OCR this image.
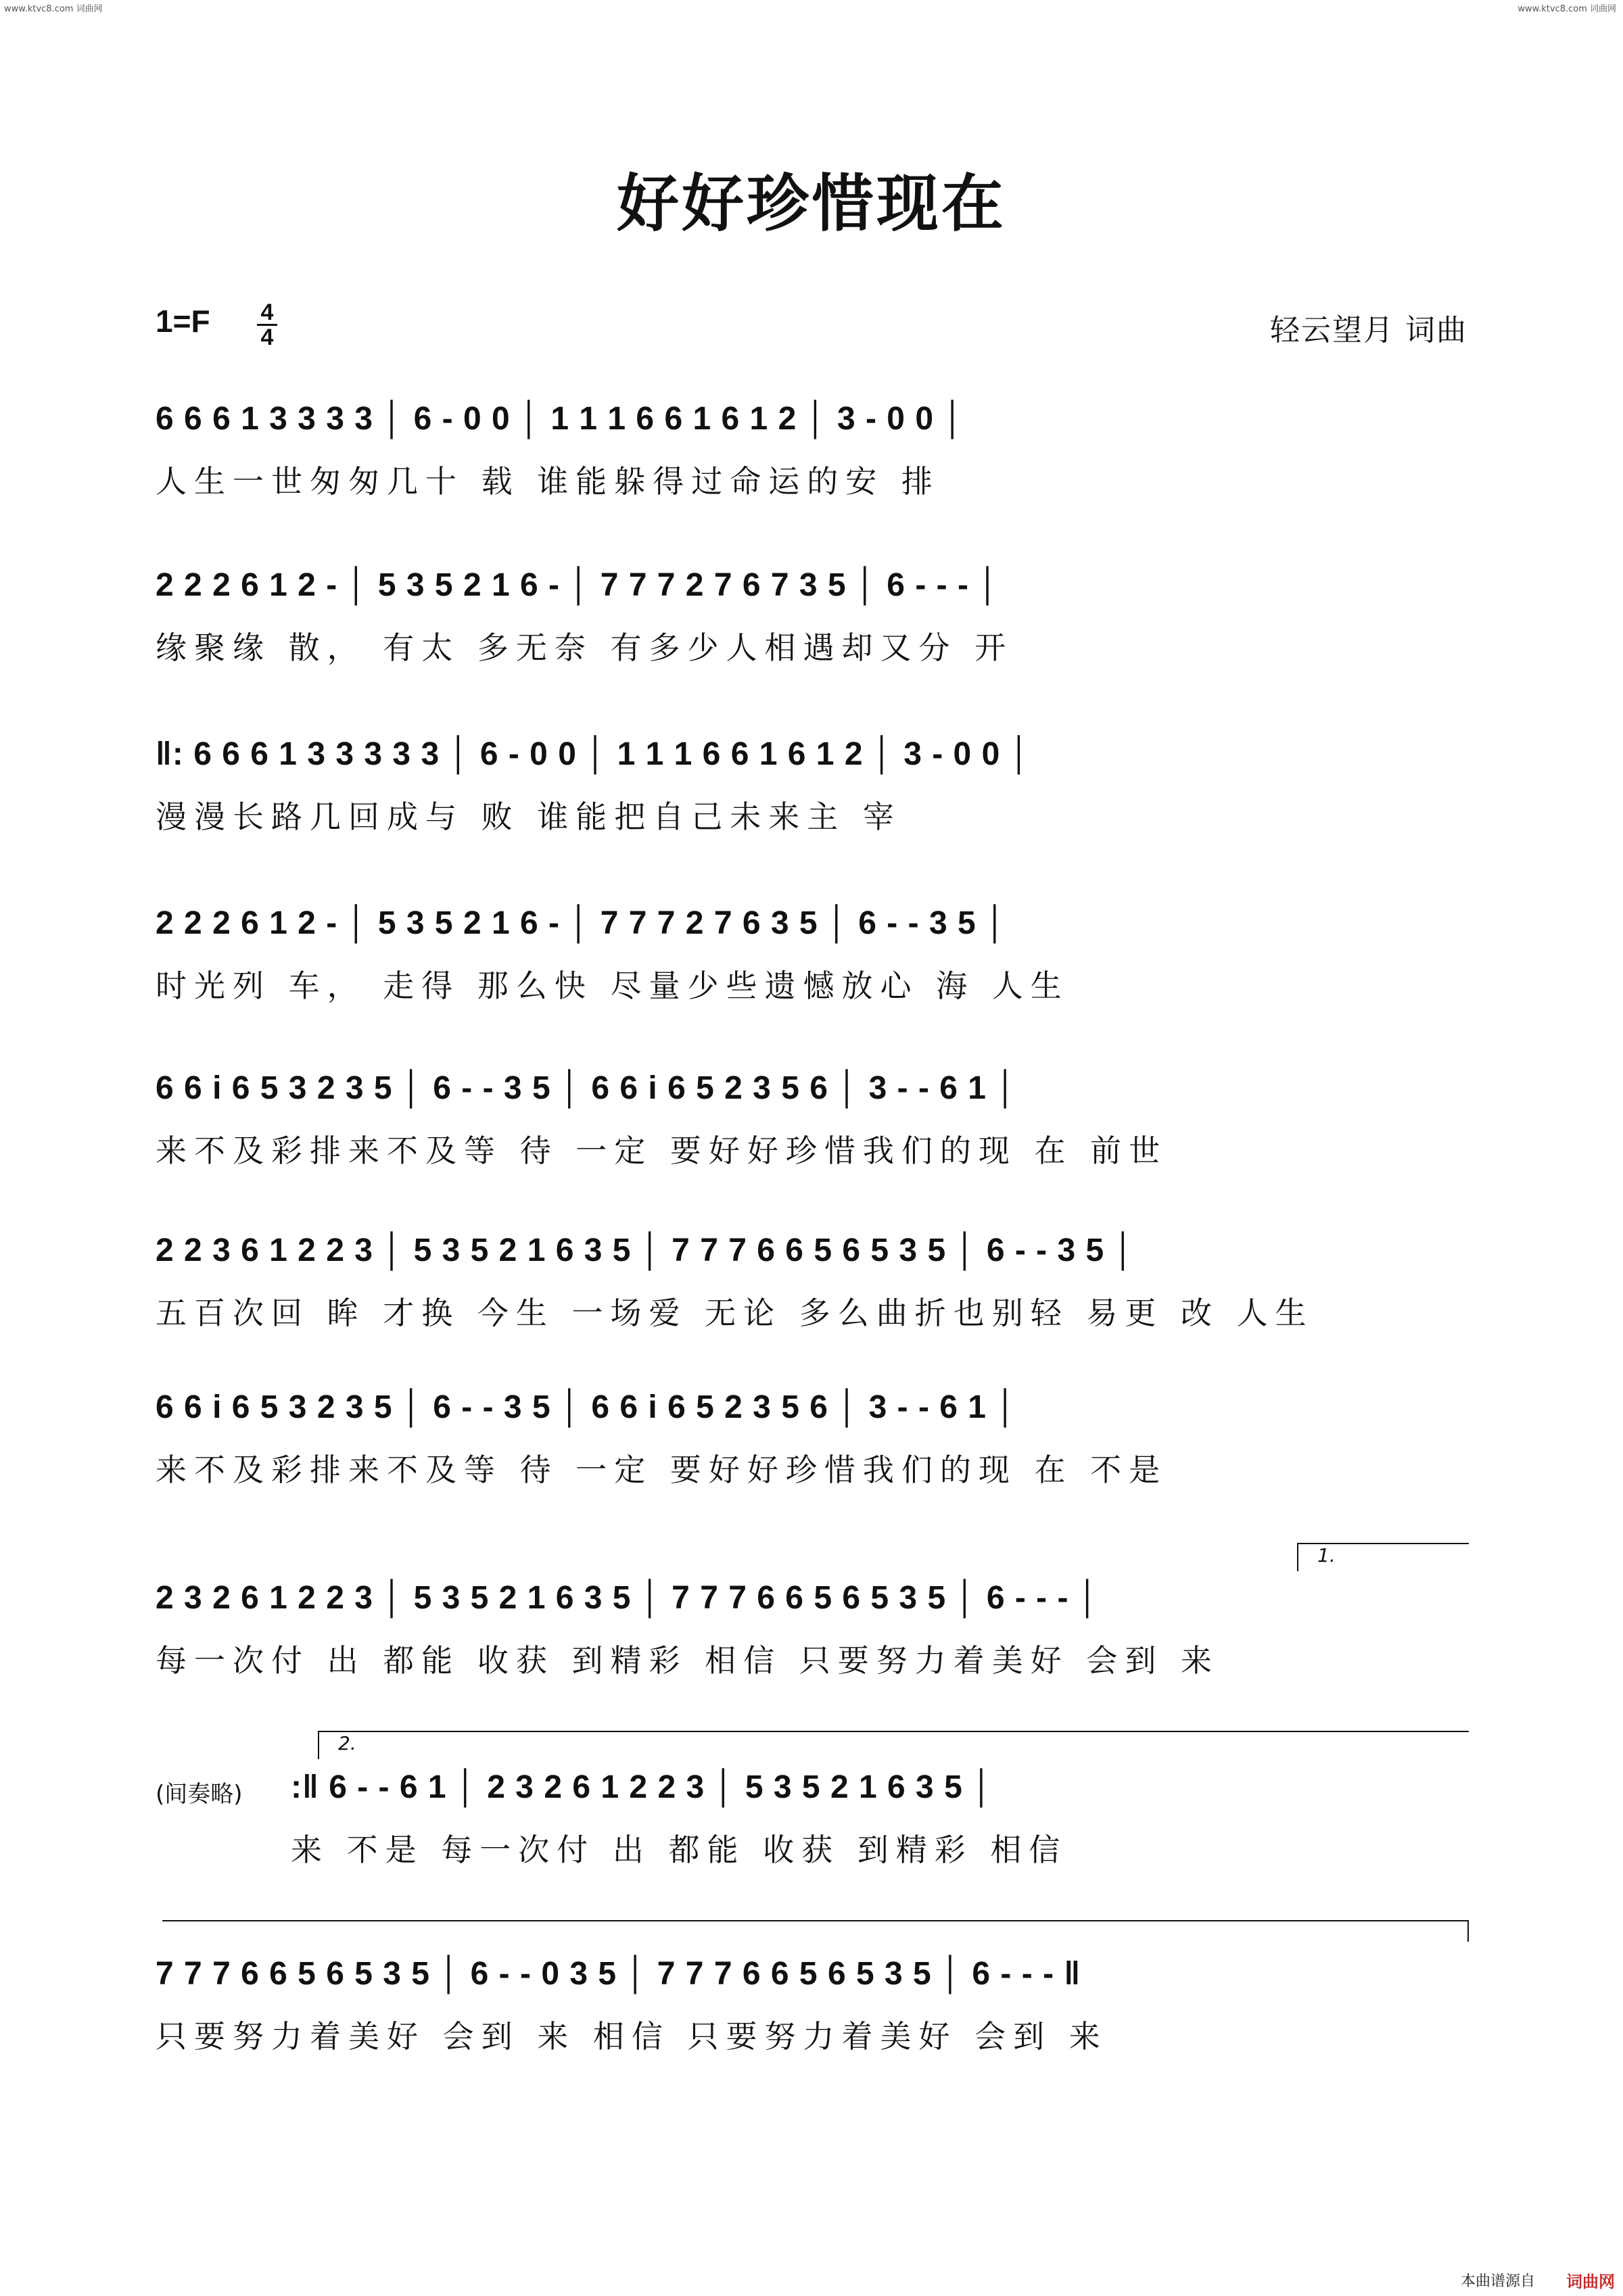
www.ktvc8.com 词曲网	www.ktvc8.com 词曲网
好好珍惜现在
1=F 4
4	轻云望月 词曲
6 6 6 1 3 3 3 3 │ 6 - 0 0 │ 1 1 1 6 6 1 6 1 2 │ 3 - 0 0 │
人生一世匆匆几十 载 谁能躲得过命运的安 排
2 2 2 6 1 2 - │ 5 3 5 2 1 6 - │ 7 7 7 2 7 6 7 3 5 │ 6 - - - │
缘聚缘 散， 有太 多无奈 有多少人相遇却又分 开
‖: 6 6 6 1 3 3 3 3 3 │ 6 - 0 0 │ 1 1 1 6 6 1 6 1 2 │ 3 - 0 0 │
漫漫长路几回成与 败 谁能把自己未来主 宰
2 2 2 6 1 2 - │ 5 3 5 2 1 6 - │ 7 7 7 2 7 6 3 5 │ 6 - - 3 5 │
时光列 车， 走得 那么快 尽量少些遗憾放心 海 人生
6 6 i 6 5 3 2 3 5 │ 6 - - 3 5 │ 6 6 i 6 5 2 3 5 6 │ 3 - - 6 1 │
来不及彩排来不及等 待 一定 要好好珍惜我们的现 在 前世
2 2 3 6 1 2 2 3 │ 5 3 5 2 1 6 3 5 │ 7 7 7 6 6 5 6 5 3 5 │ 6 - - 3 5 │
五百次回 眸 才换 今生 一场爱 无论 多么曲折也别轻 易更 改 人生
6 6 i 6 5 3 2 3 5 │ 6 - - 3 5 │ 6 6 i 6 5 2 3 5 6 │ 3 - - 6 1 │
来不及彩排来不及等 待 一定 要好好珍惜我们的现 在 不是
1.
2 3 2 6 1 2 2 3 │ 5 3 5 2 1 6 3 5 │ 7 7 7 6 6 5 6 5 3 5 │ 6 - - - │
每一次付 出 都能 收获 到精彩 相信 只要努力着美好 会到 来
2.
(间奏略) :‖ 6 - - 6 1 │ 2 3 2 6 1 2 2 3 │ 5 3 5 2 1 6 3 5 │
来 不是 每一次付 出 都能 收获 到精彩 相信
7 7 7 6 6 5 6 5 3 5 │ 6 - - 0 3 5 │ 7 7 7 6 6 5 6 5 3 5 │ 6 - - - ‖
只要努力着美好 会到 来 相信 只要努力着美好 会到 来
本曲谱源自 词曲网
